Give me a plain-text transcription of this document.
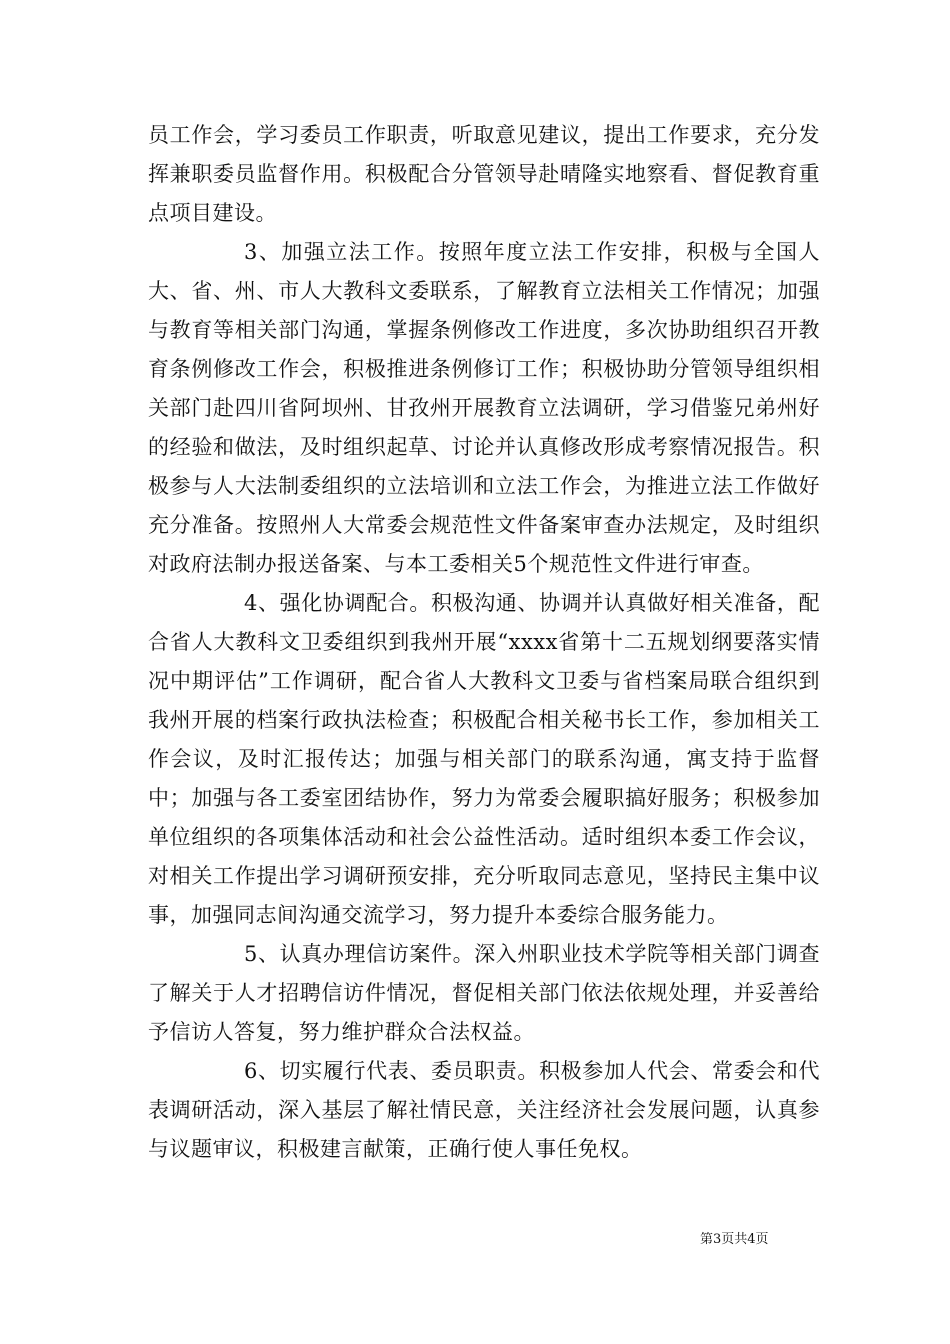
员工作会，学习委员工作职责，听取意见建议，提出工作要求，充分发挥兼职委员监督作用。积极配合分管领导赴晴隆实地察看、督促教育重点项目建设。

3、加强立法工作。按照年度立法工作安排，积极与全国人大、省、州、市人大教科文委联系，了解教育立法相关工作情况；加强与教育等相关部门沟通，掌握条例修改工作进度，多次协助组织召开教育条例修改工作会，积极推进条例修订工作；积极协助分管领导组织相关部门赴四川省阿坝州、甘孜州开展教育立法调研，学习借鉴兄弟州好的经验和做法，及时组织起草、讨论并认真修改形成考察情况报告。积极参与人大法制委组织的立法培训和立法工作会，为推进立法工作做好充分准备。按照州人大常委会规范性文件备案审查办法规定，及时组织对政府法制办报送备案、与本工委相关5个规范性文件进行审查。

4、强化协调配合。积极沟通、协调并认真做好相关准备，配合省人大教科文卫委组织到我州开展“xxxx省第十二五规划纲要落实情况中期评估”工作调研，配合省人大教科文卫委与省档案局联合组织到我州开展的档案行政执法检查；积极配合相关秘书长工作，参加相关工作会议，及时汇报传达；加强与相关部门的联系沟通，寓支持于监督中；加强与各工委室团结协作，努力为常委会履职搞好服务；积极参加单位组织的各项集体活动和社会公益性活动。适时组织本委工作会议，对相关工作提出学习调研预安排，充分听取同志意见，坚持民主集中议事，加强同志间沟通交流学习，努力提升本委综合服务能力。

5、认真办理信访案件。深入州职业技术学院等相关部门调查了解关于人才招聘信访件情况，督促相关部门依法依规处理，并妥善给予信访人答复，努力维护群众合法权益。

6、切实履行代表、委员职责。积极参加人代会、常委会和代表调研活动，深入基层了解社情民意，关注经济社会发展问题，认真参与议题审议，积极建言献策，正确行使人事任免权。

第3页共4页
